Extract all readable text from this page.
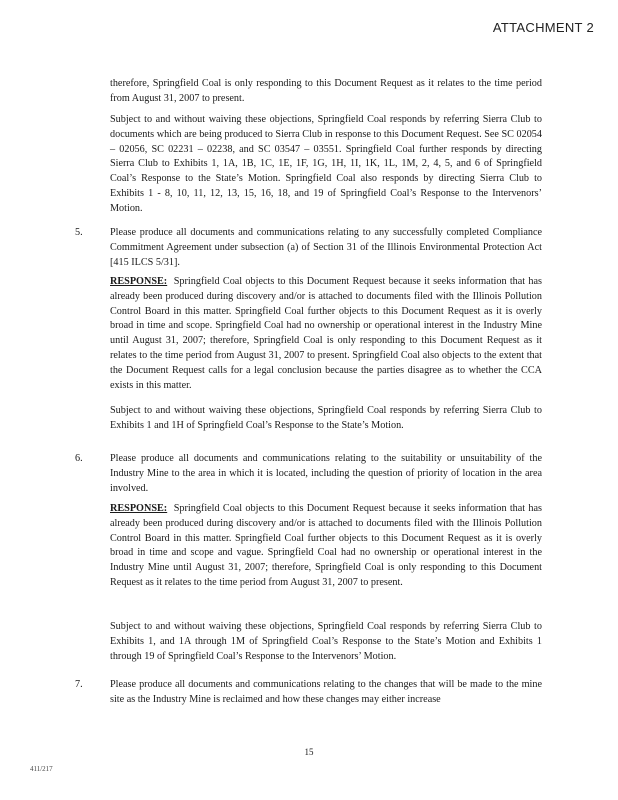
ATTACHMENT 2

therefore, Springfield Coal is only responding to this Document Request as it relates to the time period from August 31, 2007 to present.

Subject to and without waiving these objections, Springfield Coal responds by referring Sierra Club to documents which are being produced to Sierra Club in response to this Document Request. See SC 02054 – 02056, SC 02231 – 02238, and SC 03547 – 03551. Springfield Coal further responds by directing Sierra Club to Exhibits 1, 1A, 1B, 1C, 1E, 1F, 1G, 1H, 1I, 1K, 1L, 1M, 2, 4, 5, and 6 of Springfield Coal’s Response to the State’s Motion. Springfield Coal also responds by directing Sierra Club to Exhibits 1 - 8, 10, 11, 12, 13, 15, 16, 18, and 19 of Springfield Coal’s Response to the Intervenors’ Motion.

5.	Please produce all documents and communications relating to any successfully completed Compliance Commitment Agreement under subsection (a) of Section 31 of the Illinois Environmental Protection Act [415 ILCS 5/31].

RESPONSE: Springfield Coal objects to this Document Request because it seeks information that has already been produced during discovery and/or is attached to documents filed with the Illinois Pollution Control Board in this matter. Springfield Coal further objects to this Document Request as it is overly broad in time and scope. Springfield Coal had no ownership or operational interest in the Industry Mine until August 31, 2007; therefore, Springfield Coal is only responding to this Document Request as it relates to the time period from August 31, 2007 to present. Springfield Coal also objects to the extent that the Document Request calls for a legal conclusion because the parties disagree as to whether the CCA exists in this matter.

Subject to and without waiving these objections, Springfield Coal responds by referring Sierra Club to Exhibits 1 and 1H of Springfield Coal’s Response to the State’s Motion.

6.	Please produce all documents and communications relating to the suitability or unsuitability of the Industry Mine to the area in which it is located, including the question of priority of location in the area involved.

RESPONSE: Springfield Coal objects to this Document Request because it seeks information that has already been produced during discovery and/or is attached to documents filed with the Illinois Pollution Control Board in this matter. Springfield Coal further objects to this Document Request as it is overly broad in time and scope and vague. Springfield Coal had no ownership or operational interest in the Industry Mine until August 31, 2007; therefore, Springfield Coal is only responding to this Document Request as it relates to the time period from August 31, 2007 to present.

Subject to and without waiving these objections, Springfield Coal responds by referring Sierra Club to Exhibits 1, and 1A through 1M of Springfield Coal’s Response to the State’s Motion and Exhibits 1 through 19 of Springfield Coal’s Response to the Intervenors’ Motion.

7.	Please produce all documents and communications relating to the changes that will be made to the mine site as the Industry Mine is reclaimed and how these changes may either increase

15
411/217
